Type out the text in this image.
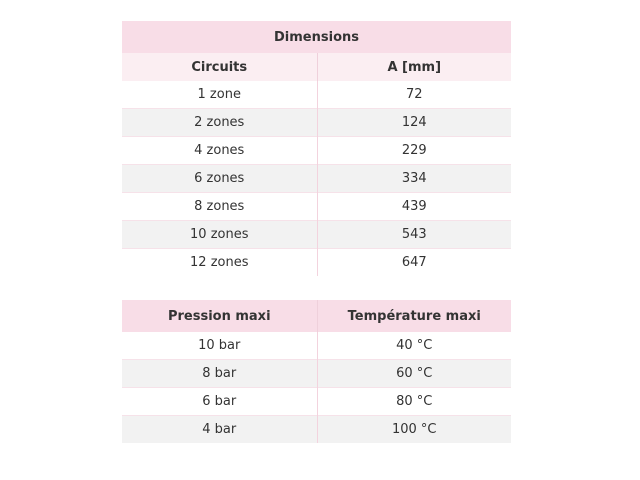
Dimensions	
Circuits	A [mm]
1 zone	72
2 zones	124
4 zones	229
6 zones	334
8 zones	439
10 zones	543
12 zones	647
Pression maxi	Température maxi
10 bar	40 °C
8 bar	60 °C
6 bar	80 °C
4 bar	100 °C
